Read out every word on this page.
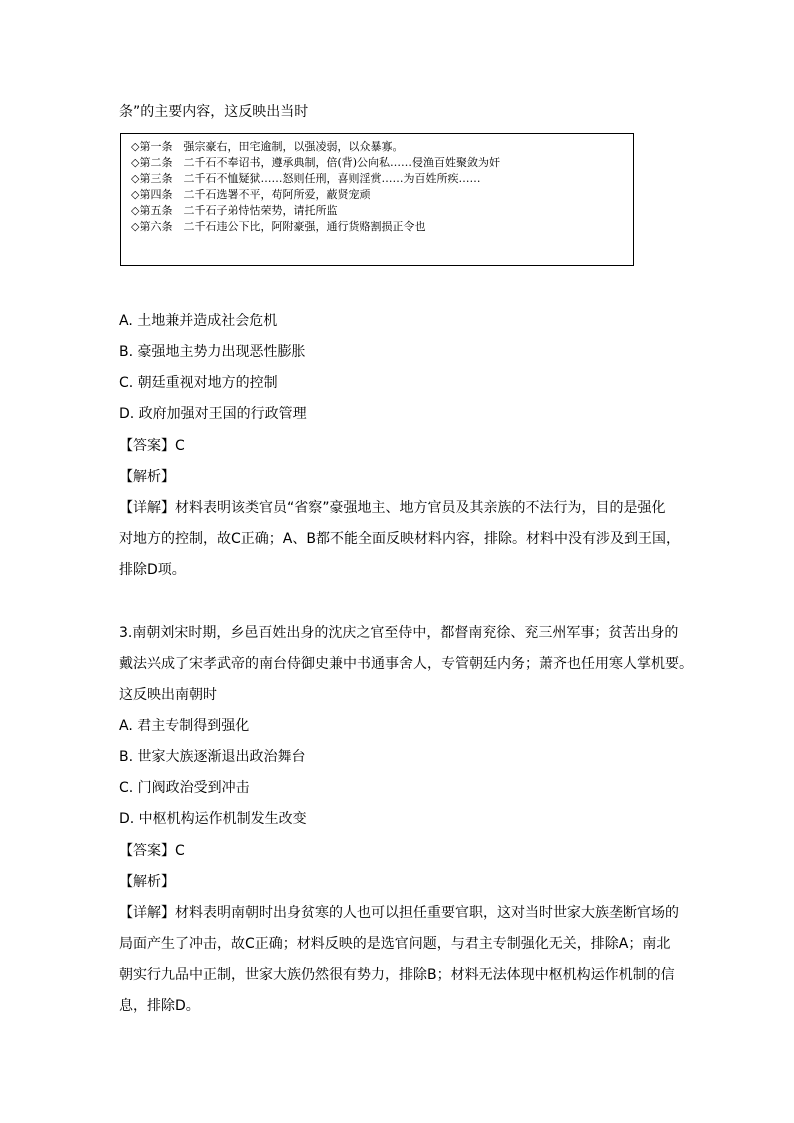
条”的主要内容，这反映出当时
◇第一条　强宗豪右，田宅逾制，以强凌弱，以众暴寡。
◇第二条　二千石不奉诏书，遵承典制，倍(背)公向私……侵渔百姓聚敛为奸
◇第三条　二千石不恤疑狱……怒则任刑，喜则淫赏……为百姓所疾……
◇第四条　二千石选署不平，苟阿所爱，蔽贤宠顽
◇第五条　二千石子弟恃怙荣势，请托所监
◇第六条　二千石违公下比，阿附豪强，通行货赂割损正令也
A. 土地兼并造成社会危机
B. 豪强地主势力出现恶性膨胀
C. 朝廷重视对地方的控制
D. 政府加强对王国的行政管理
【答案】C
【解析】
【详解】材料表明该类官员“省察”豪强地主、地方官员及其亲族的不法行为，目的是强化
对地方的控制，故C正确；A、B都不能全面反映材料内容，排除。材料中没有涉及到王国，
排除D项。
3.南朝刘宋时期，乡邑百姓出身的沈庆之官至侍中，都督南兖徐、兖三州军事；贫苦出身的
戴法兴成了宋孝武帝的南台侍御史兼中书通事舍人，专管朝廷内务；萧齐也任用寒人掌机要。
这反映出南朝时
A. 君主专制得到强化
B. 世家大族逐渐退出政治舞台
C. 门阀政治受到冲击
D. 中枢机构运作机制发生改变
【答案】C
【解析】
【详解】材料表明南朝时出身贫寒的人也可以担任重要官职，这对当时世家大族垄断官场的
局面产生了冲击，故C正确；材料反映的是选官问题，与君主专制强化无关，排除A；南北
朝实行九品中正制，世家大族仍然很有势力，排除B；材料无法体现中枢机构运作机制的信
息，排除D。
